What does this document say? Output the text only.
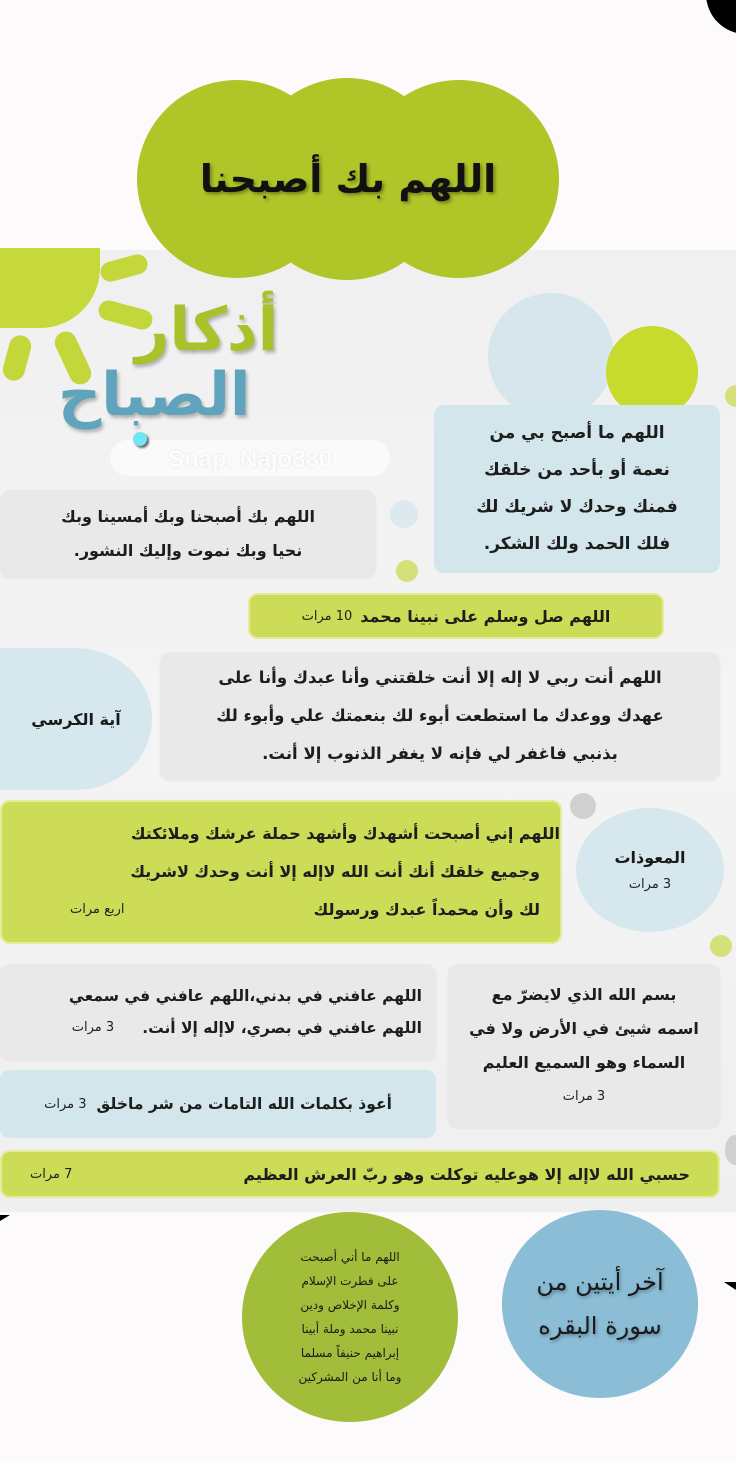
اللهم بك أصبحنا
أذكار
الصباح
Snap. Najo880
اللهم ما أصبح بي من
نعمة أو بأحد من خلقك
فمنك وحدك لا شريك لك
فلك الحمد ولك الشكر.
اللهم بك أصبحنا وبك أمسينا وبك
نحيا وبك نموت وإليك النشور.
اللهم صل وسلم على نبينا محمد
10 مرات
آية الكرسي
اللهم أنت ربي لا إله إلا أنت خلقتني وأنا عبدك وأنا على
عهدك ووعدك ما استطعت أبوء لك بنعمتك علي وأبوء لك
بذنبي فاغفر لي فإنه لا يغفر الذنوب إلا أنت.
اللهم إني أصبحت أشهدك وأشهد حملة عرشك وملائكتك
وجميع خلقك أنك أنت الله لاإله إلا أنت وحدك لاشريك
لك وأن محمداً عبدك ورسولك
اربع مرات
المعوذات
3 مرات
اللهم عافني في بدني،اللهم عافني في سمعي
اللهم عافني في بصري، لاإله إلا أنت.
3 مرات
بسم الله الذي لايضرّ مع
اسمه شيئ في الأرض ولا في
السماء وهو السميع العليم
3 مرات
أعوذ بكلمات الله التامات من شر ماخلق
3 مرات
حسبي الله لاإله إلا هوعليه توكلت وهو ربّ العرش العظيم
7 مرات
اللهم ما أني أصبحت
على فطرت الإسلام
وكلمة الإخلاص ودين
نبينا محمد وملة أبينا
إبراهيم حنيفاً مسلما
وما أنا من المشركين
آخر أيتين من
سورة البقره
